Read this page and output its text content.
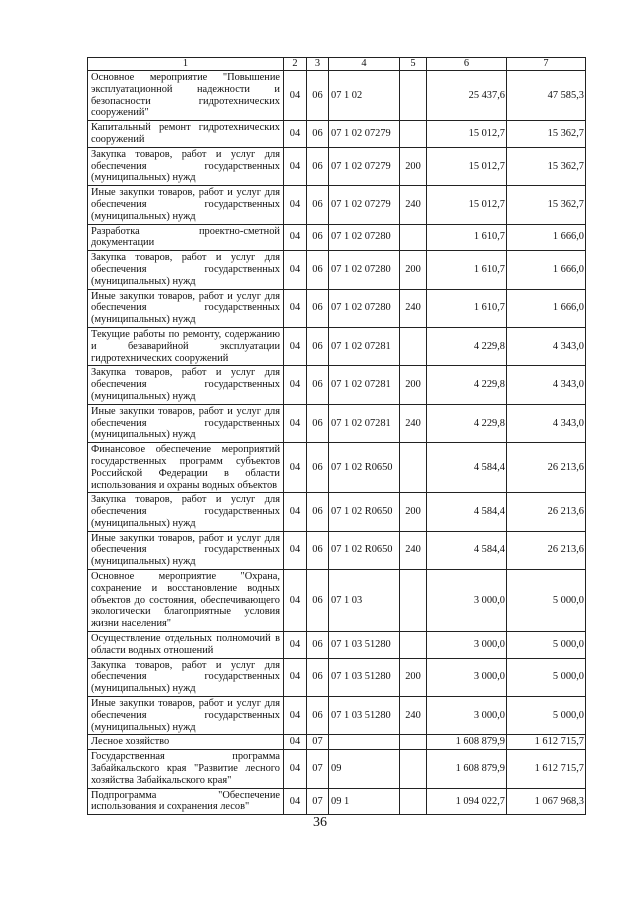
1	2	3	4	5	6	7
Основное мероприятие "Повышение эксплуатационной надежности и безопасности гидротехнических сооружений"	04	06	07 1 02		25 437,6	47 585,3
Капитальный ремонт гидротехнических сооружений	04	06	07 1 02 07279		15 012,7	15 362,7
Закупка товаров, работ и услуг для обеспечения государственных (муниципальных) нужд	04	06	07 1 02 07279	200	15 012,7	15 362,7
Иные закупки товаров, работ и услуг для обеспечения государственных (муниципальных) нужд	04	06	07 1 02 07279	240	15 012,7	15 362,7
Разработка проектно-сметной документации	04	06	07 1 02 07280		1 610,7	1 666,0
Закупка товаров, работ и услуг для обеспечения государственных (муниципальных) нужд	04	06	07 1 02 07280	200	1 610,7	1 666,0
Иные закупки товаров, работ и услуг для обеспечения государственных (муниципальных) нужд	04	06	07 1 02 07280	240	1 610,7	1 666,0
Текущие работы по ремонту, содержанию и безаварийной эксплуатации гидротехнических сооружений	04	06	07 1 02 07281		4 229,8	4 343,0
Закупка товаров, работ и услуг для обеспечения государственных (муниципальных) нужд	04	06	07 1 02 07281	200	4 229,8	4 343,0
Иные закупки товаров, работ и услуг для обеспечения государственных (муниципальных) нужд	04	06	07 1 02 07281	240	4 229,8	4 343,0
Финансовое обеспечение мероприятий государственных программ субъектов Российской Федерации в области использования и охраны водных объектов	04	06	07 1 02 R0650		4 584,4	26 213,6
Закупка товаров, работ и услуг для обеспечения государственных (муниципальных) нужд	04	06	07 1 02 R0650	200	4 584,4	26 213,6
Иные закупки товаров, работ и услуг для обеспечения государственных (муниципальных) нужд	04	06	07 1 02 R0650	240	4 584,4	26 213,6
Основное мероприятие "Охрана, сохранение и восстановление водных объектов до состояния, обеспечивающего экологически благоприятные условия жизни населения"	04	06	07 1 03		3 000,0	5 000,0
Осуществление отдельных полномочий в области водных отношений	04	06	07 1 03 51280		3 000,0	5 000,0
Закупка товаров, работ и услуг для обеспечения государственных (муниципальных) нужд	04	06	07 1 03 51280	200	3 000,0	5 000,0
Иные закупки товаров, работ и услуг для обеспечения государственных (муниципальных) нужд	04	06	07 1 03 51280	240	3 000,0	5 000,0
Лесное хозяйство	04	07			1 608 879,9	1 612 715,7
Государственная программа Забайкальского края "Развитие лесного хозяйства Забайкальского края"	04	07	09		1 608 879,9	1 612 715,7
Подпрограмма "Обеспечение использования и сохранения лесов"	04	07	09 1		1 094 022,7	1 067 968,3
36
